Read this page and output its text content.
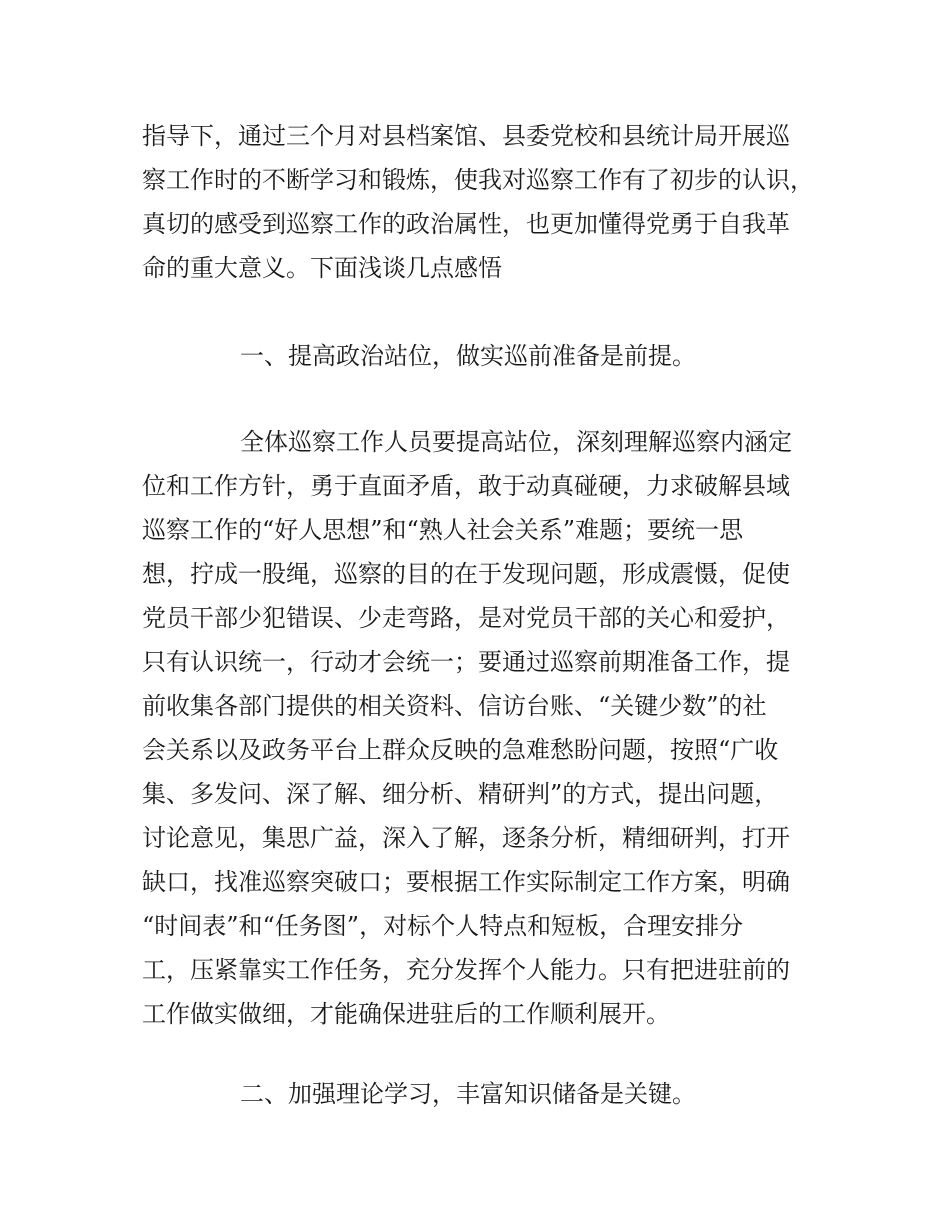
指导下，通过三个月对县档案馆、县委党校和县统计局开展巡
察工作时的不断学习和锻炼，使我对巡察工作有了初步的认识，
真切的感受到巡察工作的政治属性，也更加懂得党勇于自我革
命的重大意义。下面浅谈几点感悟
一、提高政治站位，做实巡前准备是前提。
全体巡察工作人员要提高站位，深刻理解巡察内涵定
位和工作方针，勇于直面矛盾，敢于动真碰硬，力求破解县域
巡察工作的“好人思想”和“熟人社会关系”难题；要统一思
想，拧成一股绳，巡察的目的在于发现问题，形成震慑，促使
党员干部少犯错误、少走弯路，是对党员干部的关心和爱护，
只有认识统一，行动才会统一；要通过巡察前期准备工作，提
前收集各部门提供的相关资料、信访台账、“关键少数”的社
会关系以及政务平台上群众反映的急难愁盼问题，按照“广收
集、多发问、深了解、细分析、精研判”的方式，提出问题，
讨论意见，集思广益，深入了解，逐条分析，精细研判，打开
缺口，找准巡察突破口；要根据工作实际制定工作方案，明确
“时间表”和“任务图”，对标个人特点和短板，合理安排分
工，压紧靠实工作任务，充分发挥个人能力。只有把进驻前的
工作做实做细，才能确保进驻后的工作顺利展开。
二、加强理论学习，丰富知识储备是关键。
